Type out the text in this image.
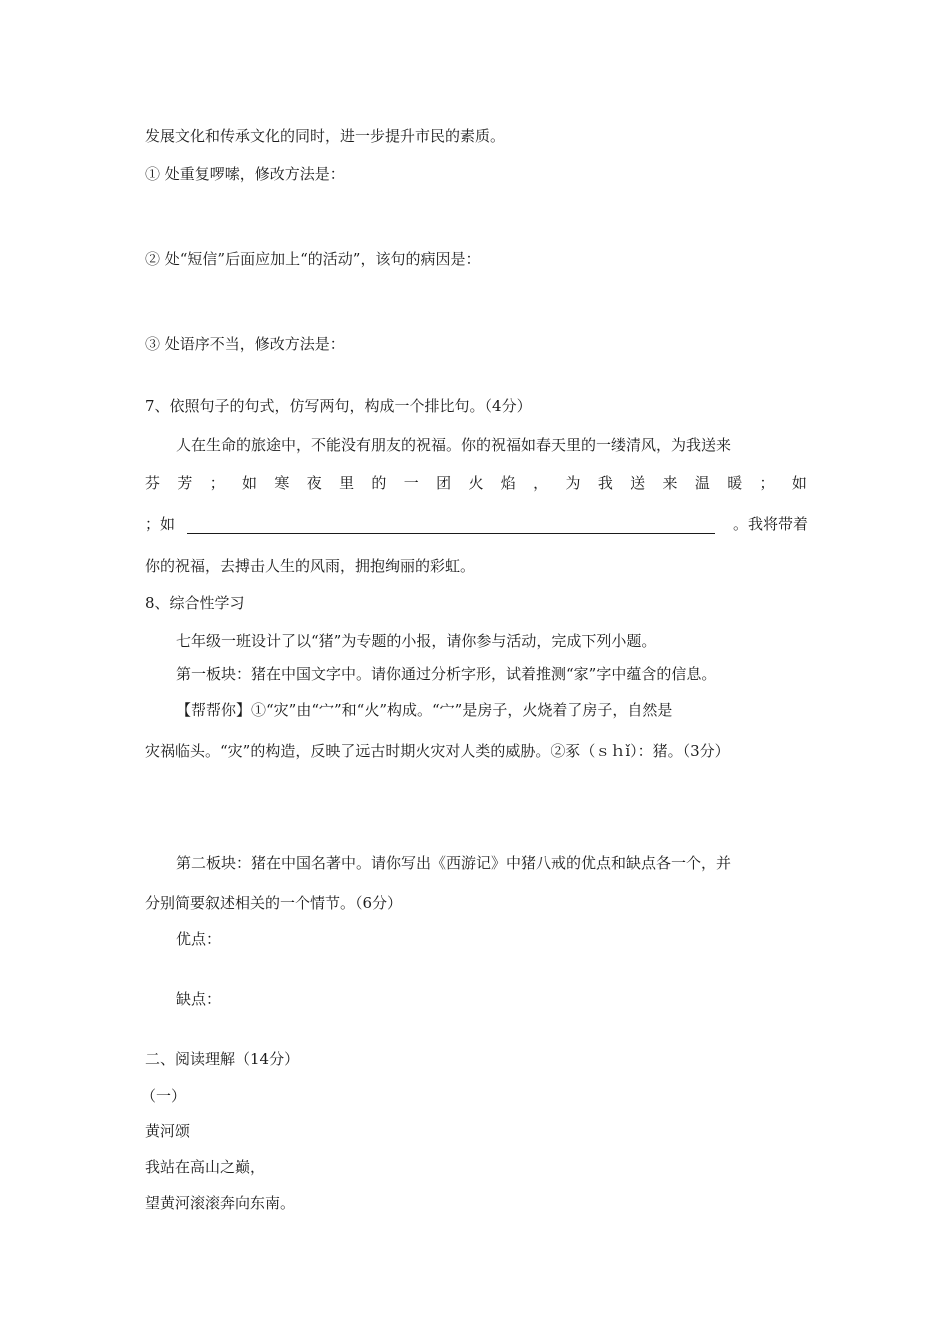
发展文化和传承文化的同时，进一步提升市民的素质。
① 处重复啰嗦，修改方法是：
② 处“短信”后面应加上“的活动”，该句的病因是：
③ 处语序不当，修改方法是：
7、依照句子的句式，仿写两句，构成一个排比句。（4分）
人在生命的旅途中，不能没有朋友的祝福。你的祝福如春天里的一缕清风，为我送来
芬 芳 ； 如 寒 夜 里 的 一 团 火 焰 ， 为 我 送 来 温 暖 ； 如
；如	。我将带着
你的祝福，去搏击人生的风雨，拥抱绚丽的彩虹。
8、综合性学习
七年级一班设计了以“猪”为专题的小报，请你参与活动，完成下列小题。
第一板块：猪在中国文字中。请你通过分析字形，试着推测“家”字中蕴含的信息。
【帮帮你】①“灾”由“宀”和“火”构成。“宀”是房子，火烧着了房子，自然是
灾祸临头。“灾”的构造，反映了远古时期火灾对人类的威胁。②豖（ｓｈǐ）：猪。（3分）
第二板块：猪在中国名著中。请你写出《西游记》中猪八戒的优点和缺点各一个，并
分别简要叙述相关的一个情节。（6分）
优点：
缺点：
二、阅读理解（14分）
（一）
黄河颂
我站在高山之巅，
望黄河滚滚奔向东南。
